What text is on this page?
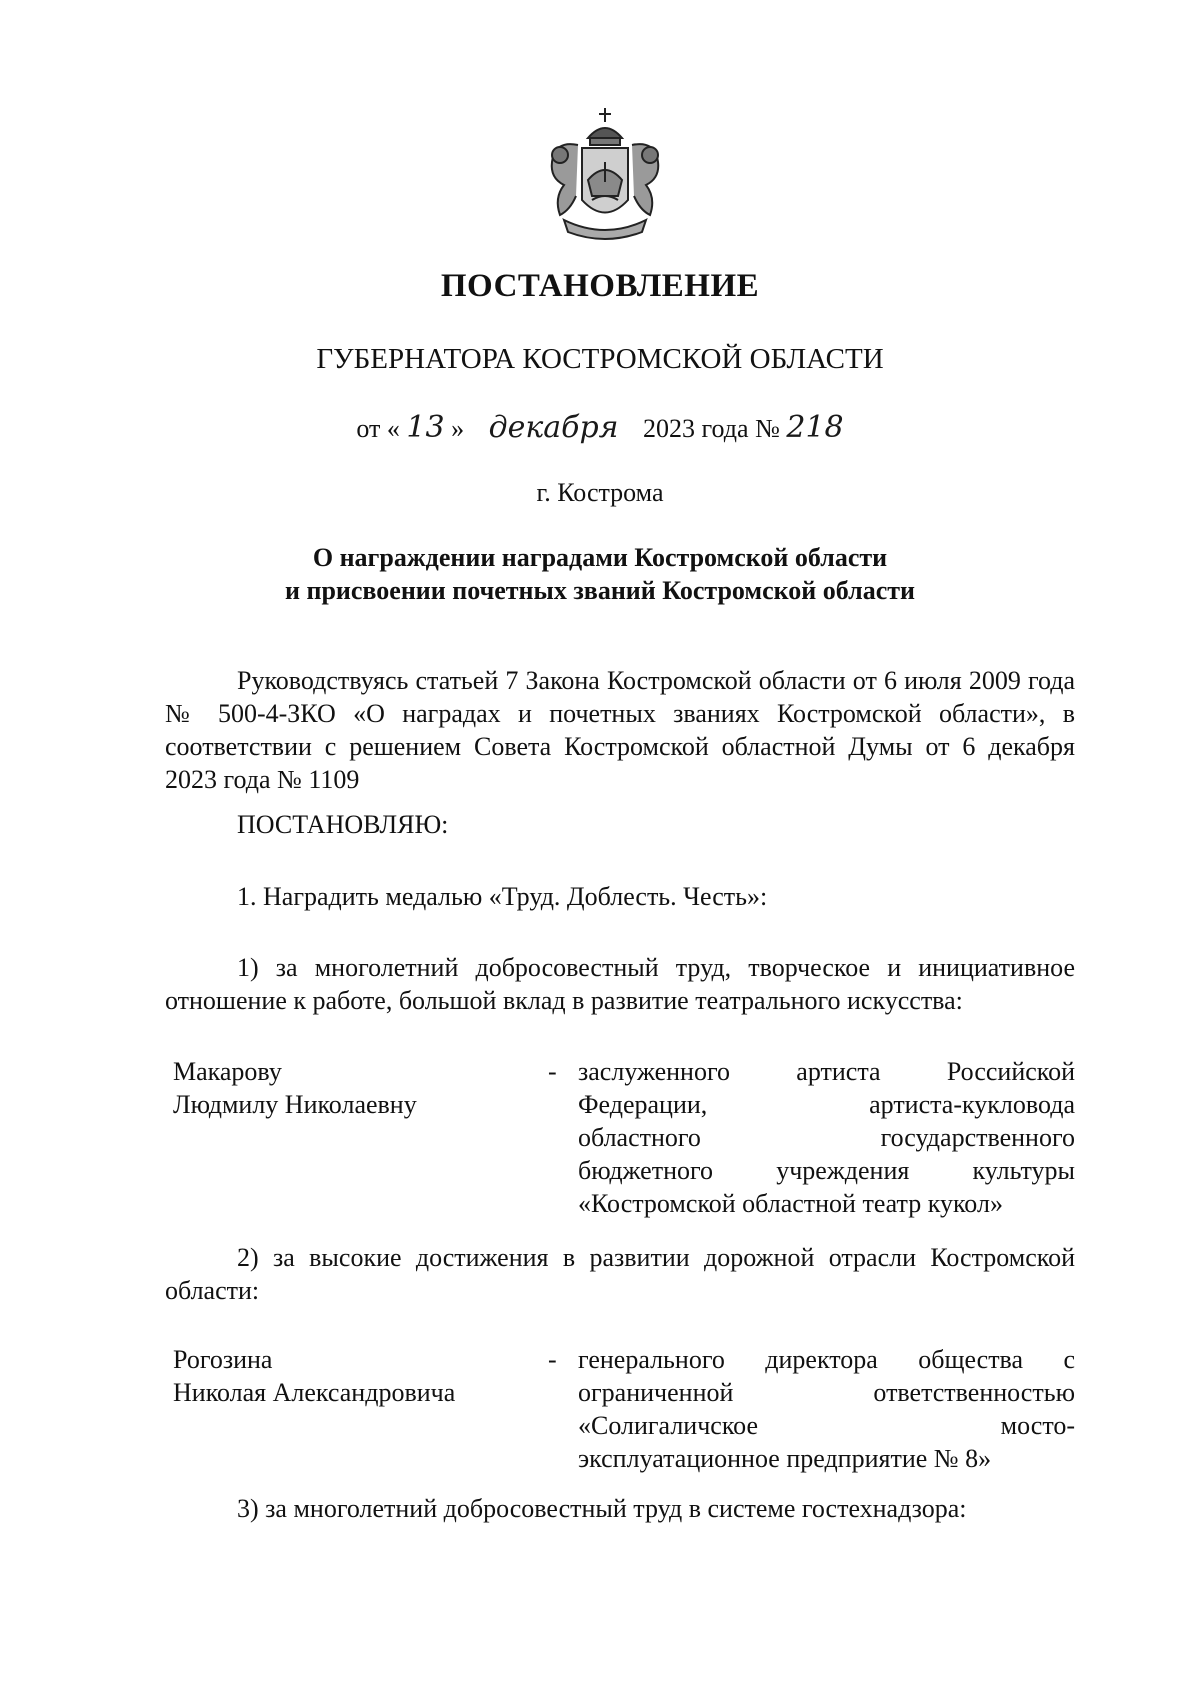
ПОСТАНОВЛЕНИЕ
ГУБЕРНАТОРА КОСТРОМСКОЙ ОБЛАСТИ
от « 13 » декабря 2023 года № 218
г. Кострома
О награждении наградами Костромской области
и присвоении почетных званий Костромской области
Руководствуясь статьей 7 Закона Костромской области от 6 июля 2009 года № 500-4-ЗКО «О наградах и почетных званиях Костромской области», в соответствии с решением Совета Костромской областной Думы от 6 декабря 2023 года № 1109
ПОСТАНОВЛЯЮ:
1. Наградить медалью «Труд. Доблесть. Честь»:
1) за многолетний добросовестный труд, творческое и инициативное отношение к работе, большой вклад в развитие театрального искусства:
Макарову
Людмилу Николаевну
- заслуженного артиста Российской
Федерации, артиста-кукловода
областного государственного
бюджетного учреждения культуры
«Костромской областной театр кукол»
2) за высокие достижения в развитии дорожной отрасли Костромской области:
Рогозина
Николая Александровича
- генерального директора общества с
ограниченной ответственностью
«Солигаличское мосто-
эксплуатационное предприятие № 8»
3) за многолетний добросовестный труд в системе гостехнадзора:
